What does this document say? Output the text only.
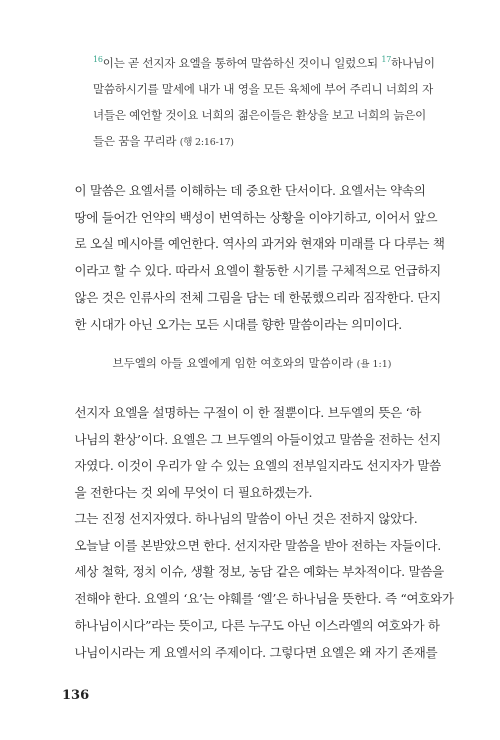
$^{16}$이는 곧 선지자 요엘을 통하여 말씀하신 것이니 일렀으되 $^{17}$하나님이
말씀하시기를 말세에 내가 내 영을 모든 육체에 부어 주리니 너희의 자
녀들은 예언할 것이요 너희의 젊은이들은 환상을 보고 너희의 늙은이
들은 꿈을 꾸리라 (행 2:16-17)
이 말씀은 요엘서를 이해하는 데 중요한 단서이다. 요엘서는 약속의
땅에 들어간 언약의 백성이 번역하는 상황을 이야기하고, 이어서 앞으
로 오실 메시아를 예언한다. 역사의 과거와 현재와 미래를 다 다루는 책
이라고 할 수 있다. 따라서 요엘이 활동한 시기를 구체적으로 언급하지
않은 것은 인류사의 전체 그림을 담는 데 한몫했으리라 짐작한다. 단지
한 시대가 아닌 오가는 모든 시대를 향한 말씀이라는 의미이다.
브두엘의 아들 요엘에게 임한 여호와의 말씀이라 (욜 1:1)
선지자 요엘을 설명하는 구절이 이 한 절뿐이다. 브두엘의 뜻은 ‘하
나님의 환상’이다. 요엘은 그 브두엘의 아들이었고 말씀을 전하는 선지
자였다. 이것이 우리가 알 수 있는 요엘의 전부일지라도 선지자가 말씀
을 전한다는 것 외에 무엇이 더 필요하겠는가.
그는 진정 선지자였다. 하나님의 말씀이 아닌 것은 전하지 않았다.
오늘날 이를 본받았으면 한다. 선지자란 말씀을 받아 전하는 자들이다.
세상 철학, 정치 이슈, 생활 정보, 농담 같은 예화는 부차적이다. 말씀을
전해야 한다. 요엘의 ‘요’는 야훼를 ‘엘’은 하나님을 뜻한다. 즉 “여호와가
하나님이시다”라는 뜻이고, 다른 누구도 아닌 이스라엘의 여호와가 하
나님이시라는 게 요엘서의 주제이다. 그렇다면 요엘은 왜 자기 존재를
136
